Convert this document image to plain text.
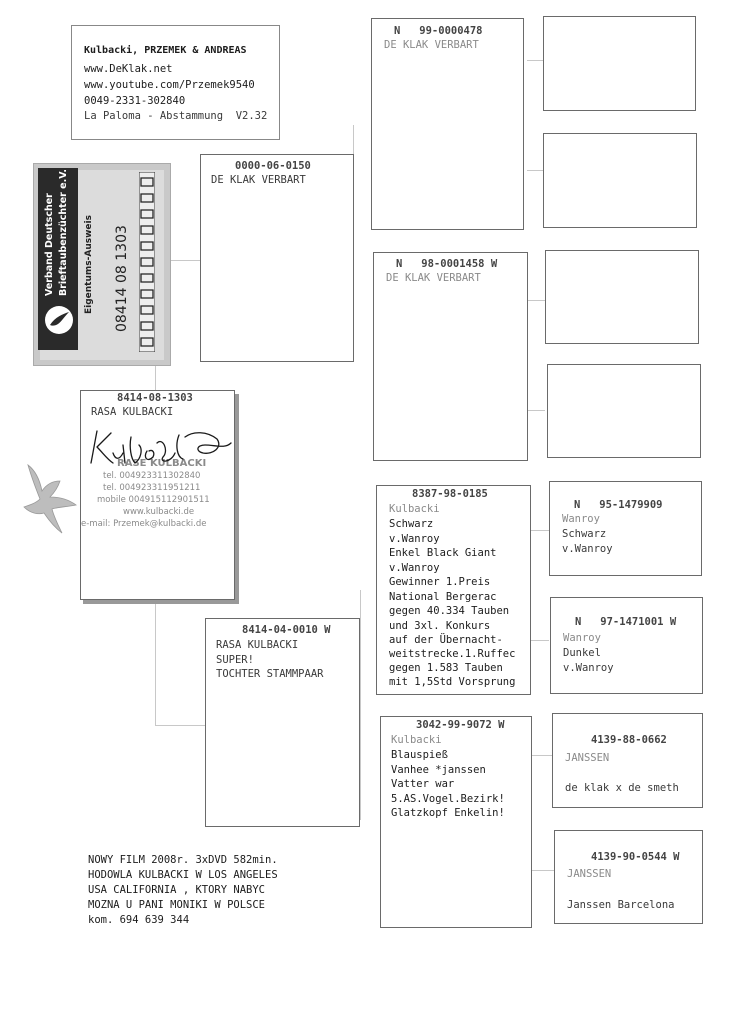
Kulbacki, PRZEMEK & ANDREAS
www.DeKlak.net
www.youtube.com/Przemek9540
0049-2331-302840
La Paloma - Abstammung  V2.32
Verband Deutscher Brieftaubenzüchter e.V. Eigentums-Ausweis 08414 08 1303
8414-08-1303
RASA KULBACKI
RASE KULBACKI
tel. 004923311302840
tel. 004923311951211
mobile 004915112901511
www.kulbacki.de
e-mail: Przemek@kulbacki.de
0000-06-0150
DE KLAK VERBART
8414-04-0010 W
RASA KULBACKI
SUPER!
TOCHTER STAMMPAAR
N   99-0000478
DE KLAK VERBART
N   98-0001458 W
DE KLAK VERBART
8387-98-0185
Kulbacki
Schwarz
v.Wanroy
Enkel Black Giant
v.Wanroy
Gewinner 1.Preis
National Bergerac
gegen 40.334 Tauben
und 3xl. Konkurs
auf der Übernacht-
weitstrecke.1.Ruffec
gegen 1.583 Tauben
mit 1,5Std Vorsprung
3042-99-9072 W
Kulbacki
Blauspieß
Vanhee *janssen
Vatter war
5.AS.Vogel.Bezirk!
Glatzkopf Enkelin!
N   95-1479909
Wanroy
Schwarz
v.Wanroy
N   97-1471001 W
Wanroy
Dunkel
v.Wanroy
4139-88-0662
JANSSEN
de klak x de smeth
4139-90-0544 W
JANSSEN
Janssen Barcelona
NOWY FILM 2008r. 3xDVD 582min.
HODOWLA KULBACKI W LOS ANGELES
USA CALIFORNIA , KTORY NABYC
MOZNA U PANI MONIKI W POLSCE
kom. 694 639 344
